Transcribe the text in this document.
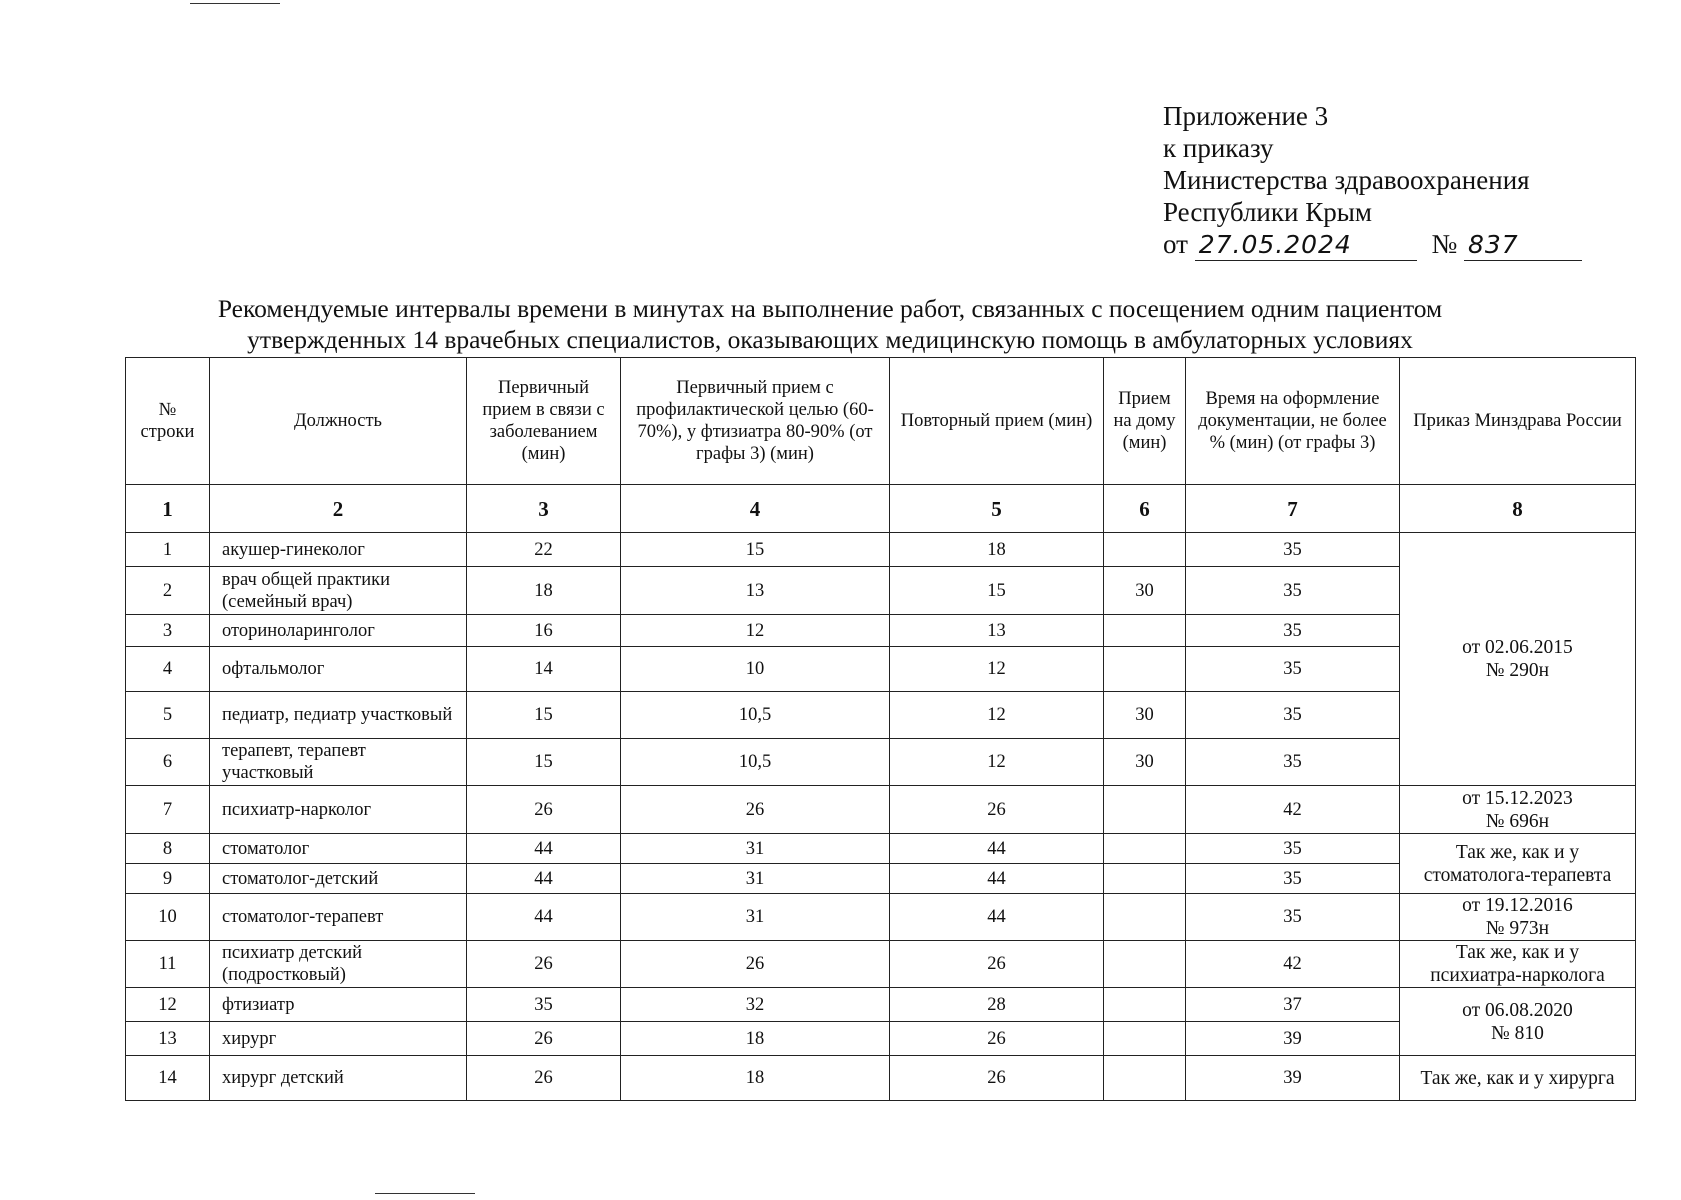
Приложение 3
к приказу
Министерства здравоохранения
Республики Крым
от 27.05.2024	№ 837
Рекомендуемые интервалы времени в минутах на выполнение работ, связанных с посещением одним пациентом
утвержденных 14 врачебных специалистов, оказывающих медицинскую помощь в амбулаторных условиях
№ строки	Должность	Первичный прием в связи с заболеванием (мин)	Первичный прием с профилактической целью (60-70%), у фтизиатра 80-90% (от графы 3) (мин)	Повторный прием (мин)	Прием на дому (мин)	Время на оформление документации, не более % (мин) (от графы 3)	Приказ Минздрава России
1	2	3	4	5	6	7	8
1	акушер-гинеколог	22	15	18		35	от 02.06.2015
№ 290н

2	врач общей практики (семейный врач)	18	13	15	30	35	
3	оториноларинголог	16	12	13		35	
4	офтальмолог	14	10	12		35	
5	педиатр, педиатр участковый	15	10,5	12	30	35	
6	терапевт, терапевт участковый	15	10,5	12	30	35	
7	психиатр-нарколог	26	26	26		42	от 15.12.2023
№ 696н

8	стоматолог	44	31	44		35	Так же, как и у
стоматолога-терапевта

9	стоматолог-детский	44	31	44		35	
10	стоматолог-терапевт	44	31	44		35	от 19.12.2016
№ 973н

11	психиатр детский (подростковый)	26	26	26		42	Так же, как и у
психиатра-нарколога

12	фтизиатр	35	32	28		37	от 06.08.2020
№ 810

13	хирург	26	18	26		39	
14	хирург детский	26	18	26		39	Так же, как и у хирурга
